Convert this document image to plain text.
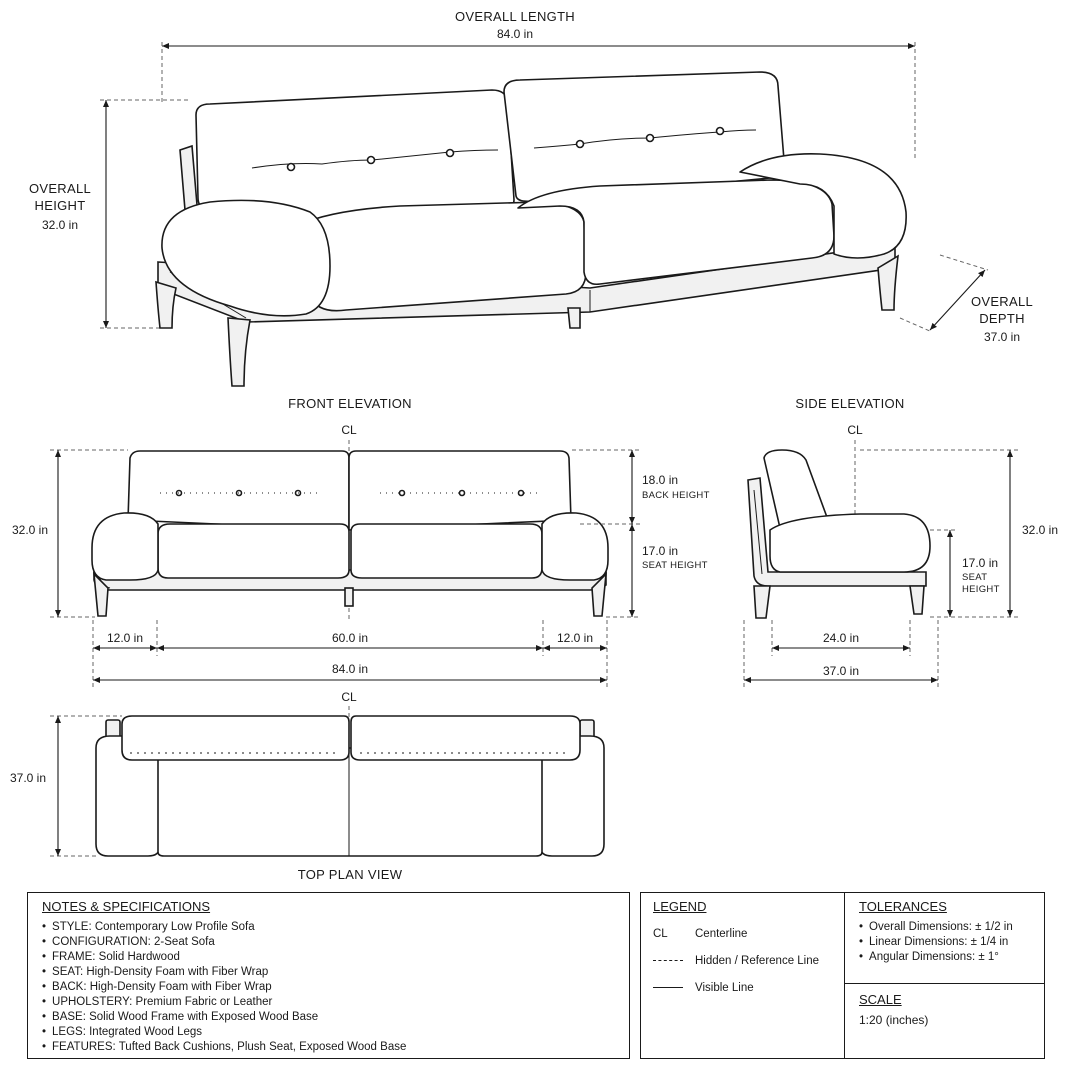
OVERALL LENGTH
84.0 in
OVERALL
HEIGHT
32.0 in
OVERALL
DEPTH
37.0 in
FRONT ELEVATION
CL
32.0 in
18.0 in
BACK HEIGHT
17.0 in
SEAT HEIGHT
12.0 in	60.0 in	12.0 in
84.0 in
SIDE ELEVATION
CL
32.0 in
17.0 in
SEAT
HEIGHT
24.0 in
37.0 in
CL
37.0 in
TOP PLAN VIEW
NOTES & SPECIFICATIONS
• STYLE: Contemporary Low Profile Sofa
• CONFIGURATION: 2-Seat Sofa
• FRAME: Solid Hardwood
• SEAT: High-Density Foam with Fiber Wrap
• BACK: High-Density Foam with Fiber Wrap
• UPHOLSTERY: Premium Fabric or Leather
• BASE: Solid Wood Frame with Exposed Wood Base
• LEGS: Integrated Wood Legs
• FEATURES: Tufted Back Cushions, Plush Seat, Exposed Wood Base
LEGEND
CL	Centerline
Hidden / Reference Line
Visible Line
TOLERANCES
• Overall Dimensions: ± 1/2 in
• Linear Dimensions: ± 1/4 in
• Angular Dimensions: ± 1°
SCALE
1:20 (inches)
